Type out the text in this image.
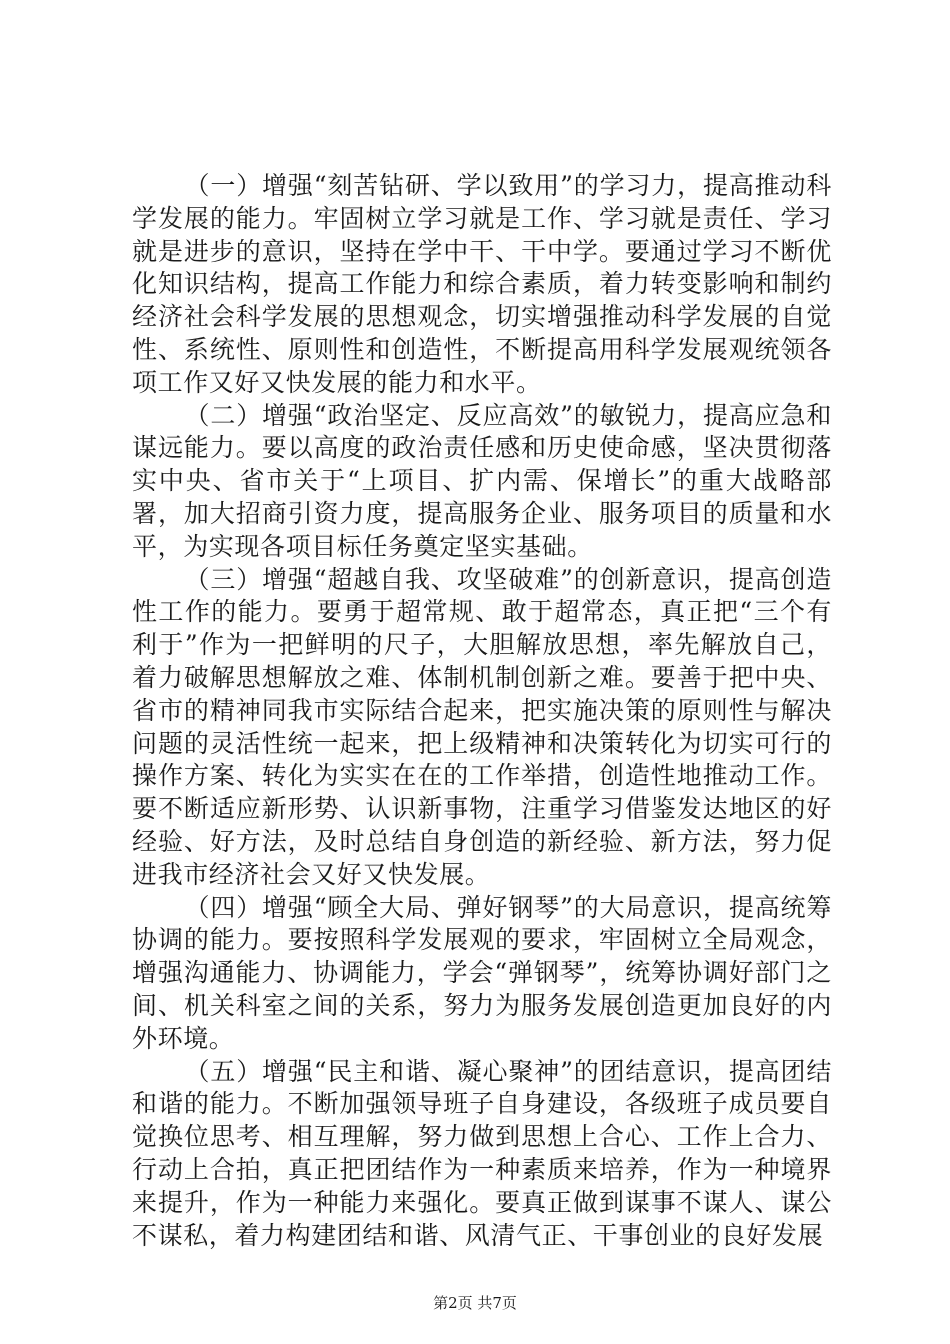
（一）增强“刻苦钻研、学以致用”的学习力，提高推动科学发展的能力。牢固树立学习就是工作、学习就是责任、学习就是进步的意识，坚持在学中干、干中学。要通过学习不断优化知识结构，提高工作能力和综合素质，着力转变影响和制约经济社会科学发展的思想观念，切实增强推动科学发展的自觉性、系统性、原则性和创造性，不断提高用科学发展观统领各项工作又好又快发展的能力和水平。

（二）增强“政治坚定、反应高效”的敏锐力，提高应急和谋远能力。要以高度的政治责任感和历史使命感，坚决贯彻落实中央、省市关于“上项目、扩内需、保增长”的重大战略部署，加大招商引资力度，提高服务企业、服务项目的质量和水平，为实现各项目标任务奠定坚实基础。

（三）增强“超越自我、攻坚破难”的创新意识，提高创造性工作的能力。要勇于超常规、敢于超常态，真正把“三个有利于”作为一把鲜明的尺子，大胆解放思想，率先解放自己，着力破解思想解放之难、体制机制创新之难。要善于把中央、省市的精神同我市实际结合起来，把实施决策的原则性与解决问题的灵活性统一起来，把上级精神和决策转化为切实可行的操作方案、转化为实实在在的工作举措，创造性地推动工作。要不断适应新形势、认识新事物，注重学习借鉴发达地区的好经验、好方法，及时总结自身创造的新经验、新方法，努力促进我市经济社会又好又快发展。

（四）增强“顾全大局、弹好钢琴”的大局意识，提高统筹协调的能力。要按照科学发展观的要求，牢固树立全局观念，增强沟通能力、协调能力，学会“弹钢琴”，统筹协调好部门之间、机关科室之间的关系，努力为服务发展创造更加良好的内外环境。

（五）增强“民主和谐、凝心聚神”的团结意识，提高团结和谐的能力。不断加强领导班子自身建设，各级班子成员要自觉换位思考、相互理解，努力做到思想上合心、工作上合力、行动上合拍，真正把团结作为一种素质来培养，作为一种境界来提升，作为一种能力来强化。要真正做到谋事不谋人、谋公不谋私，着力构建团结和谐、风清气正、干事创业的良好发展

第2页 共7页
